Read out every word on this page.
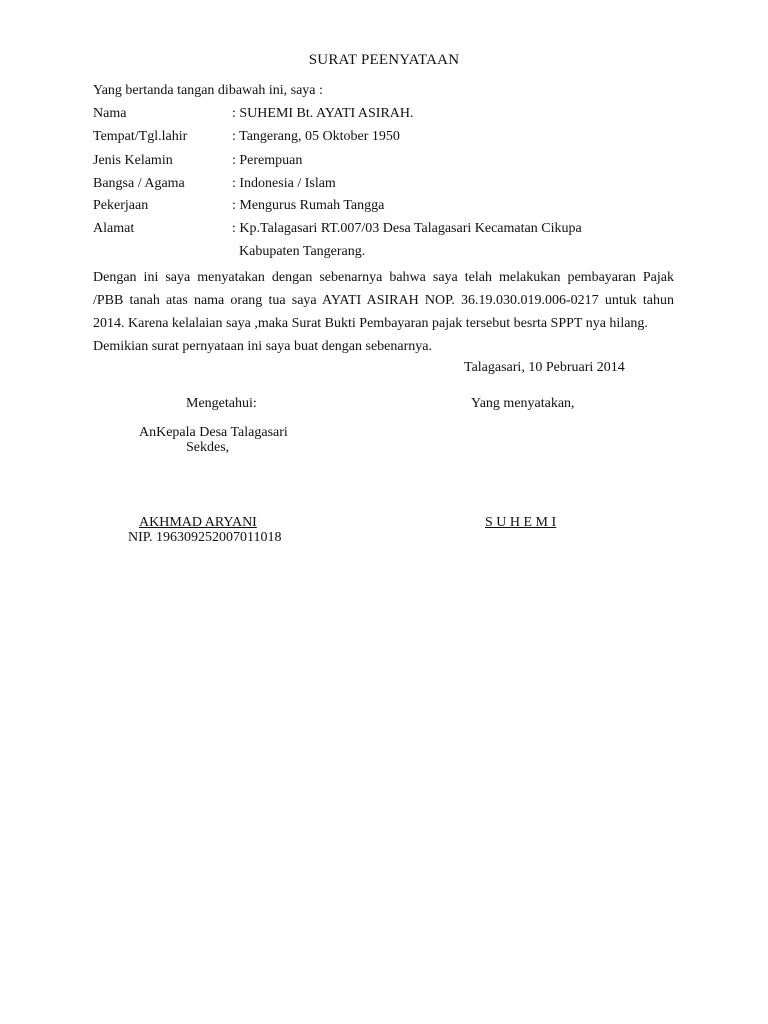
SURAT PEENYATAAN
Yang bertanda tangan dibawah ini, saya :
Nama	: SUHEMI Bt. AYATI ASIRAH.
Tempat/Tgl.lahir	: Tangerang, 05 Oktober 1950
Jenis Kelamin	: Perempuan
Bangsa / Agama	: Indonesia / Islam
Pekerjaan	: Mengurus Rumah Tangga
Alamat	: Kp.Talagasari RT.007/03 Desa Talagasari Kecamatan Cikupa
Kabupaten Tangerang.
Dengan ini saya menyatakan dengan sebenarnya bahwa saya telah melakukan pembayaran Pajak
/PBB tanah atas nama orang tua saya AYATI ASIRAH NOP. 36.19.030.019.006-0217 untuk tahun
2014. Karena kelalaian saya ,maka Surat Bukti Pembayaran pajak tersebut besrta SPPT nya hilang.
Demikian surat pernyataan ini saya buat dengan sebenarnya.
Talagasari, 10 Pebruari 2014
Mengetahui:	Yang menyatakan,
AnKepala Desa Talagasari
Sekdes,
AKHMAD ARYANI	S U H E M I
NIP. 196309252007011018
